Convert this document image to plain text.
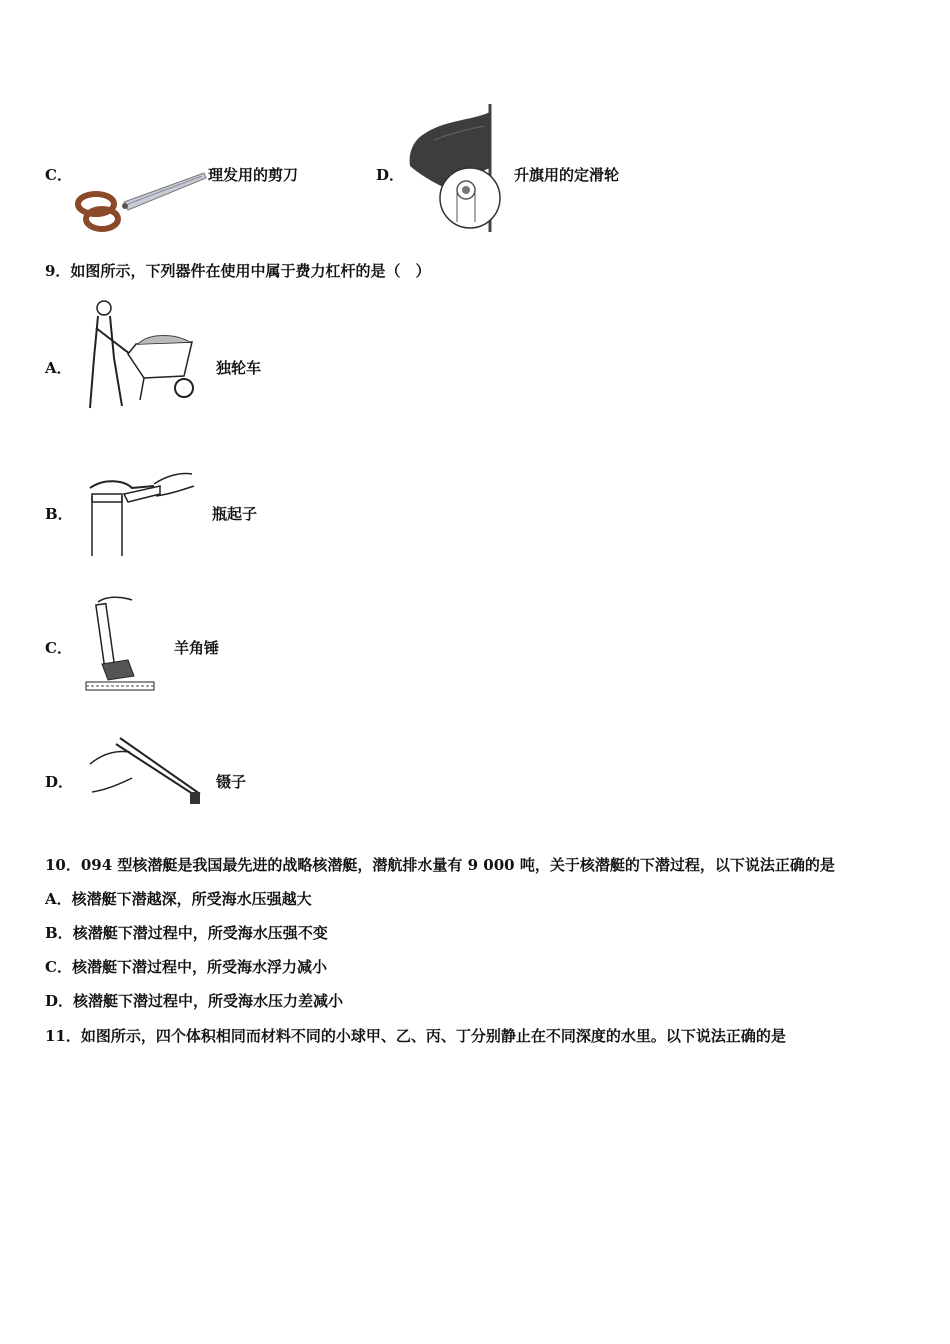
C．	理发用的剪刀	D．	升旗用的定滑轮
9．如图所示，下列器件在使用中属于费力杠杆的是（　）
A．	独轮车
B．	瓶起子
C．	羊角锤
D．	镊子
10．094 型核潜艇是我国最先进的战略核潜艇，潜航排水量有 9 000 吨，关于核潜艇的下潜过程，以下说法正确的是
A．核潜艇下潜越深，所受海水压强越大
B．核潜艇下潜过程中，所受海水压强不变
C．核潜艇下潜过程中，所受海水浮力减小
D．核潜艇下潜过程中，所受海水压力差减小
11．如图所示，四个体积相同而材料不同的小球甲、乙、丙、丁分别静止在不同深度的水里。以下说法正确的是
